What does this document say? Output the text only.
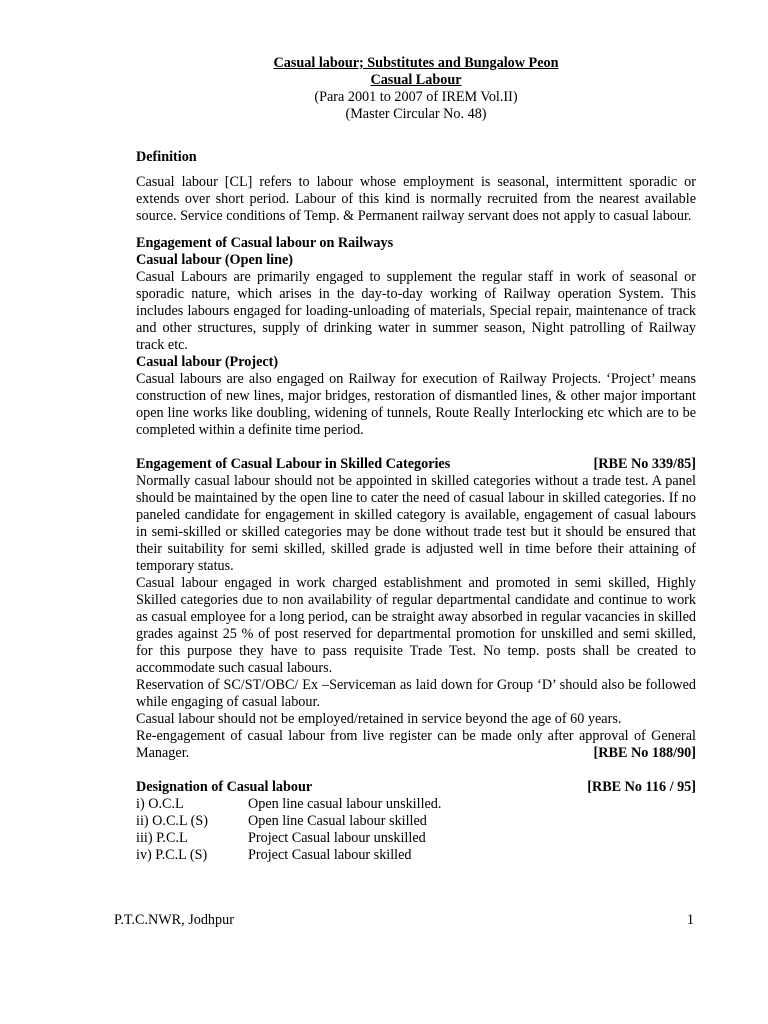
Casual labour; Substitutes and Bungalow Peon
Casual Labour
(Para 2001 to 2007 of IREM Vol.II)
(Master Circular No. 48)
Definition

Casual labour [CL] refers to labour whose employment is seasonal, intermittent sporadic or extends over short period. Labour of this kind is normally recruited from the nearest available source. Service conditions of Temp. & Permanent railway servant does not apply to casual labour.

Engagement of Casual labour on Railways
Casual labour (Open line)

Casual Labours are primarily engaged to supplement the regular staff in work of seasonal or sporadic nature, which arises in the day-to-day working of Railway operation System. This includes labours engaged for loading-unloading of materials, Special repair, maintenance of track and other structures, supply of drinking water in summer season, Night patrolling of Railway track etc.

Casual labour (Project)

Casual labours are also engaged on Railway for execution of Railway Projects. ‘Project’ means construction of new lines, major bridges, restoration of dismantled lines, & other major important open line works like doubling, widening of tunnels, Route Really Interlocking etc which are to be completed within a definite time period.

Engagement of Casual Labour in Skilled Categories	[RBE No 339/85]

Normally casual labour should not be appointed in skilled categories without a trade test. A panel should be maintained by the open line to cater the need of casual labour in skilled categories. If no paneled candidate for engagement in skilled category is available, engagement of casual labours in semi-skilled or skilled categories may be done without trade test but it should be ensured that their suitability for semi skilled, skilled grade is adjusted well in time before their attaining of temporary status.

Casual labour engaged in work charged establishment and promoted in semi skilled, Highly Skilled categories due to non availability of regular departmental candidate and continue to work as casual employee for a long period, can be straight away absorbed in regular vacancies in skilled grades against 25 % of post reserved for departmental promotion for unskilled and semi skilled, for this purpose they have to pass requisite Trade Test. No temp. posts shall be created to accommodate such casual labours.

Reservation of SC/ST/OBC/ Ex –Serviceman as laid down for Group ‘D’ should also be followed while engaging of casual labour.

Casual labour should not be employed/retained in service beyond the age of 60 years.

Re-engagement of casual labour from live register can be made only after approval of General Manager.	[RBE No 188/90]
Designation of Casual labour	[RBE No 116 / 95]
i) O.C.L	Open line casual labour unskilled.
ii) O.C.L (S)	Open line Casual labour skilled
iii) P.C.L	Project Casual labour unskilled
iv) P.C.L (S)	Project Casual labour skilled
P.T.C.NWR, Jodhpur	1
